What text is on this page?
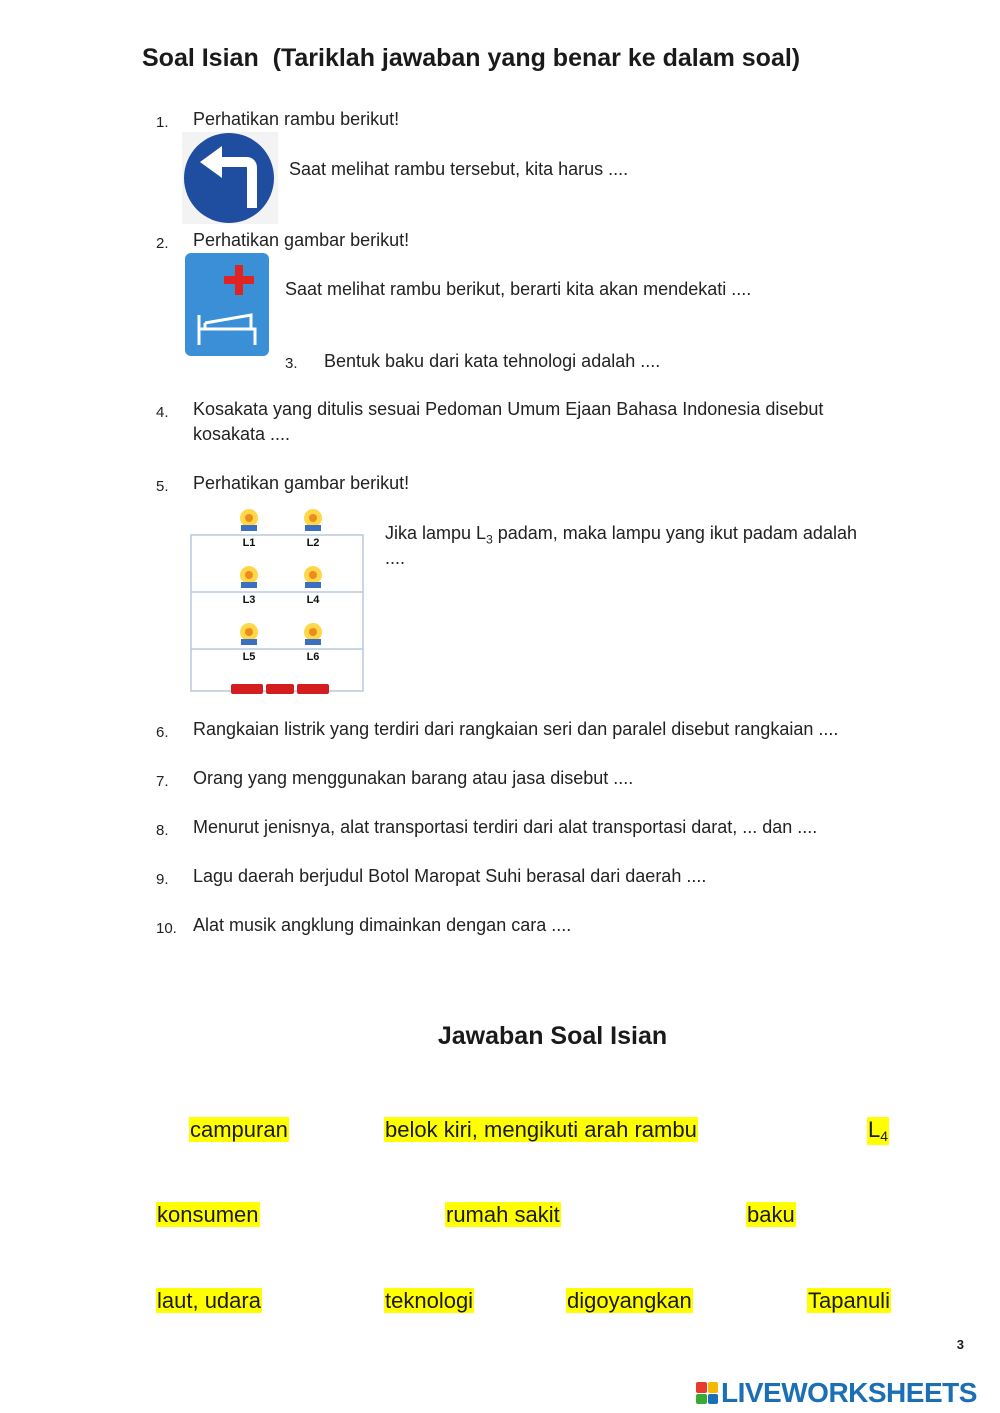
Soal Isian (Tariklah jawaban yang benar ke dalam soal)
1. Perhatikan rambu berikut!
Saat melihat rambu tersebut, kita harus ....
2. Perhatikan gambar berikut!
Saat melihat rambu berikut, berarti kita akan mendekati ....
3. Bentuk baku dari kata tehnologi adalah ....
4. Kosakata yang ditulis sesuai Pedoman Umum Ejaan Bahasa Indonesia disebut
kosakata ....
5. Perhatikan gambar berikut!
L1	L2
L3	L4
L5	L6
Jika lampu $L_3$ padam, maka lampu yang ikut padam adalah
....
6. Rangkaian listrik yang terdiri dari rangkaian seri dan paralel disebut rangkaian ....
7. Orang yang menggunakan barang atau jasa disebut ....
8. Menurut jenisnya, alat transportasi terdiri dari alat transportasi darat, ... dan ....
9. Lagu daerah berjudul Botol Maropat Suhi berasal dari daerah ....
10. Alat musik angklung dimainkan dengan cara ....
Jawaban Soal Isian
campuran	belok kiri, mengikuti arah rambu	$L_4$
konsumen	rumah sakit	baku
laut, udara	teknologi	digoyangkan	Tapanuli
3
LIVEWORKSHEETS
